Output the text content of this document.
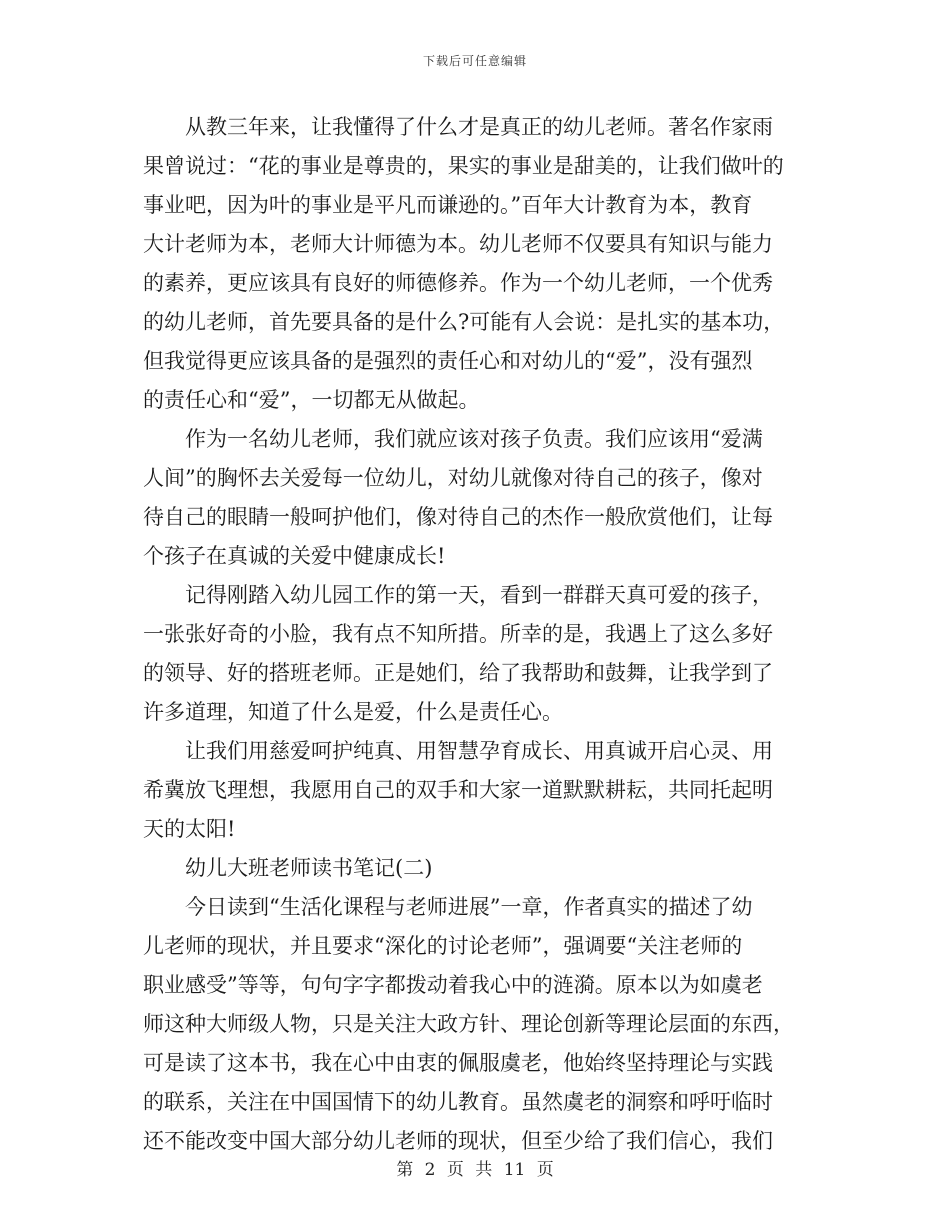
下载后可任意编辑
　　从教三年来，让我懂得了什么才是真正的幼儿老师。著名作家雨
果曾说过：“花的事业是尊贵的，果实的事业是甜美的，让我们做叶的
事业吧，因为叶的事业是平凡而谦逊的。”百年大计教育为本，教育
大计老师为本，老师大计师德为本。幼儿老师不仅要具有知识与能力
的素养，更应该具有良好的师德修养。作为一个幼儿老师，一个优秀
的幼儿老师，首先要具备的是什么?可能有人会说：是扎实的基本功，
但我觉得更应该具备的是强烈的责任心和对幼儿的“爱”，没有强烈
的责任心和“爱”，一切都无从做起。
　　作为一名幼儿老师，我们就应该对孩子负责。我们应该用“爱满
人间”的胸怀去关爱每一位幼儿，对幼儿就像对待自己的孩子，像对
待自己的眼睛一般呵护他们，像对待自己的杰作一般欣赏他们，让每
个孩子在真诚的关爱中健康成长!
　　记得刚踏入幼儿园工作的第一天，看到一群群天真可爱的孩子，
一张张好奇的小脸，我有点不知所措。所幸的是，我遇上了这么多好
的领导、好的搭班老师。正是她们，给了我帮助和鼓舞，让我学到了
许多道理，知道了什么是爱，什么是责任心。
　　让我们用慈爱呵护纯真、用智慧孕育成长、用真诚开启心灵、用
希冀放飞理想，我愿用自己的双手和大家一道默默耕耘，共同托起明
天的太阳!
　　幼儿大班老师读书笔记(二)
　　今日读到“生活化课程与老师进展”一章，作者真实的描述了幼
儿老师的现状，并且要求“深化的讨论老师”，强调要“关注老师的
职业感受”等等，句句字字都拨动着我心中的涟漪。原本以为如虞老
师这种大师级人物，只是关注大政方针、理论创新等理论层面的东西，
可是读了这本书，我在心中由衷的佩服虞老，他始终坚持理论与实践
的联系，关注在中国国情下的幼儿教育。虽然虞老的洞察和呼吁临时
还不能改变中国大部分幼儿老师的现状，但至少给了我们信心，我们
第 2 页 共 11 页
